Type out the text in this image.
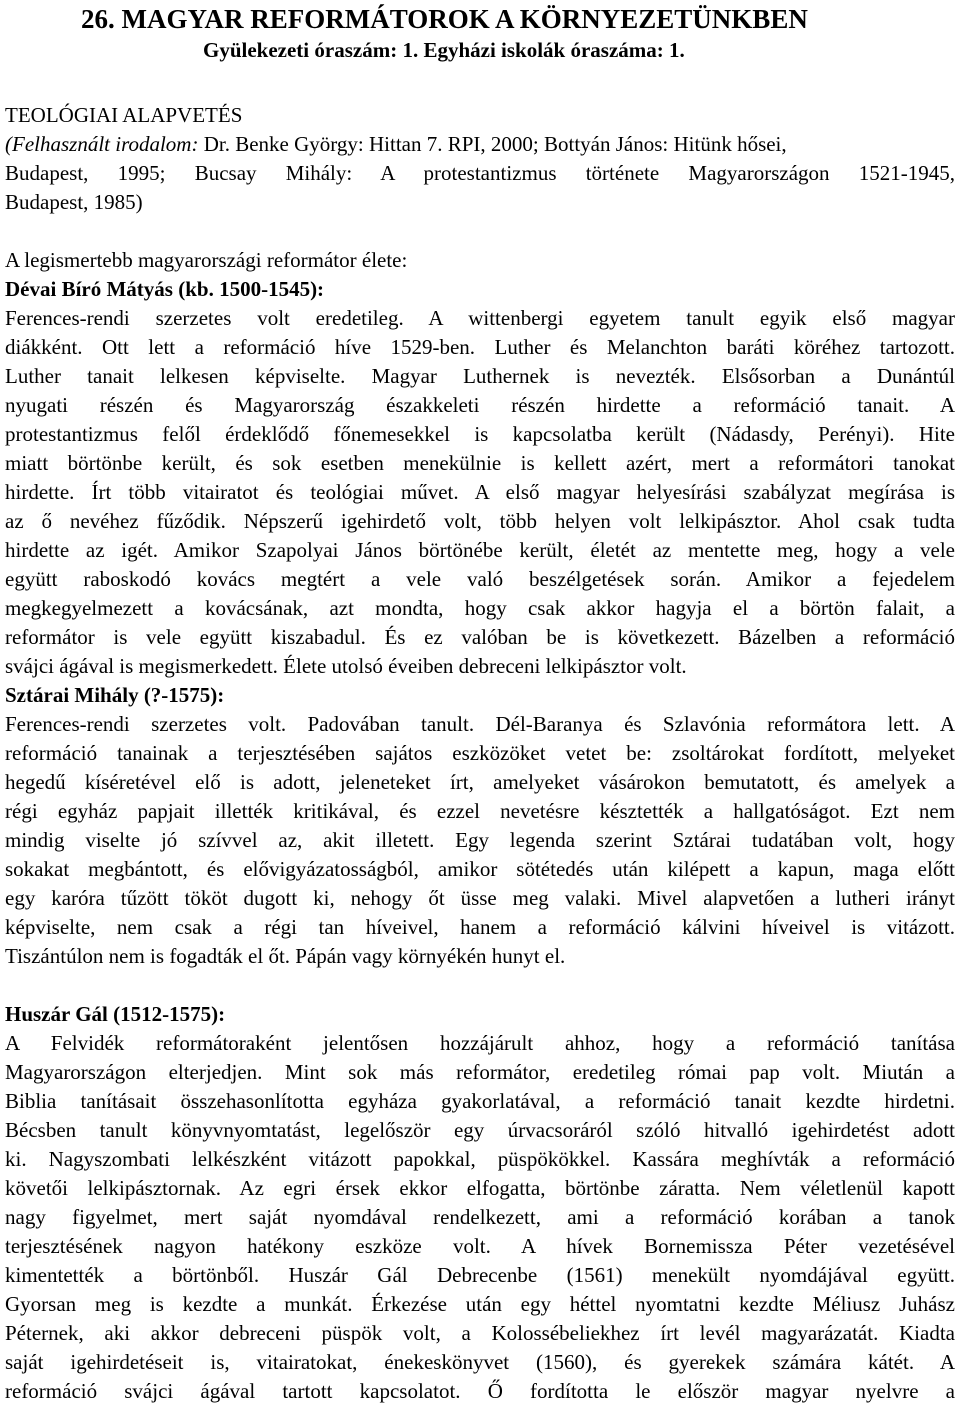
26. MAGYAR REFORMÁTOROK A KÖRNYEZETÜNKBEN
Gyülekezeti óraszám: 1. Egyházi iskolák óraszáma: 1.
TEOLÓGIAI ALAPVETÉS
(Felhasznált irodalom: Dr. Benke György: Hittan 7. RPI, 2000; Bottyán János: Hitünk hősei,
Budapest, 1995; Bucsay Mihály: A protestantizmus története Magyarországon 1521-1945,
Budapest, 1985)
A legismertebb magyarországi reformátor élete:
Dévai Bíró Mátyás (kb. 1500-1545):
Ferences-rendi szerzetes volt eredetileg. A wittenbergi egyetem tanult egyik első magyar
diákként. Ott lett a reformáció híve 1529-ben. Luther és Melanchton baráti köréhez tartozott.
Luther tanait lelkesen képviselte. Magyar Luthernek is nevezték. Elsősorban a Dunántúl
nyugati részén és Magyarország északkeleti részén hirdette a reformáció tanait. A
protestantizmus felől érdeklődő főnemesekkel is kapcsolatba került (Nádasdy, Perényi). Hite
miatt börtönbe került, és sok esetben menekülnie is kellett azért, mert a reformátori tanokat
hirdette. Írt több vitairatot és teológiai művet. A első magyar helyesírási szabályzat megírása is
az ő nevéhez fűződik. Népszerű igehirdető volt, több helyen volt lelkipásztor. Ahol csak tudta
hirdette az igét. Amikor Szapolyai János börtönébe került, életét az mentette meg, hogy a vele
együtt raboskodó kovács megtért a vele való beszélgetések során. Amikor a fejedelem
megkegyelmezett a kovácsának, azt mondta, hogy csak akkor hagyja el a börtön falait, a
reformátor is vele együtt kiszabadul. És ez valóban be is következett. Bázelben a reformáció
svájci ágával is megismerkedett. Élete utolsó éveiben debreceni lelkipásztor volt.
Sztárai Mihály (?-1575):
Ferences-rendi szerzetes volt. Padovában tanult. Dél-Baranya és Szlavónia reformátora lett. A
reformáció tanainak a terjesztésében sajátos eszközöket vetet be: zsoltárokat fordított, melyeket
hegedű kíséretével elő is adott, jeleneteket írt, amelyeket vásárokon bemutatott, és amelyek a
régi egyház papjait illették kritikával, és ezzel nevetésre késztették a hallgatóságot. Ezt nem
mindig viselte jó szívvel az, akit illetett. Egy legenda szerint Sztárai tudatában volt, hogy
sokakat megbántott, és elővigyázatosságból, amikor sötétedés után kilépett a kapun, maga előtt
egy karóra tűzött tököt dugott ki, nehogy őt üsse meg valaki. Mivel alapvetően a lutheri irányt
képviselte, nem csak a régi tan híveivel, hanem a reformáció kálvini híveivel is vitázott.
Tiszántúlon nem is fogadták el őt. Pápán vagy környékén hunyt el.
Huszár Gál (1512-1575):
A Felvidék reformátoraként jelentősen hozzájárult ahhoz, hogy a reformáció tanítása
Magyarországon elterjedjen. Mint sok más reformátor, eredetileg római pap volt. Miután a
Biblia tanításait összehasonlította egyháza gyakorlatával, a reformáció tanait kezdte hirdetni.
Bécsben tanult könyvnyomtatást, legelőször egy úrvacsoráról szóló hitvalló igehirdetést adott
ki. Nagyszombati lelkészként vitázott papokkal, püspökökkel. Kassára meghívták a reformáció
követői lelkipásztornak. Az egri érsek ekkor elfogatta, börtönbe záratta. Nem véletlenül kapott
nagy figyelmet, mert saját nyomdával rendelkezett, ami a reformáció korában a tanok
terjesztésének nagyon hatékony eszköze volt. A hívek Bornemissza Péter vezetésével
kimentették a börtönből. Huszár Gál Debrecenbe (1561) menekült nyomdájával együtt.
Gyorsan meg is kezdte a munkát. Érkezése után egy héttel nyomtatni kezdte Méliusz Juhász
Péternek, aki akkor debreceni püspök volt, a Kolossébeliekhez írt levél magyarázatát. Kiadta
saját igehirdetéseit is, vitairatokat, énekeskönyvet (1560), és gyerekek számára kátét. A
reformáció svájci ágával tartott kapcsolatot. Ő fordította le először magyar nyelvre a
